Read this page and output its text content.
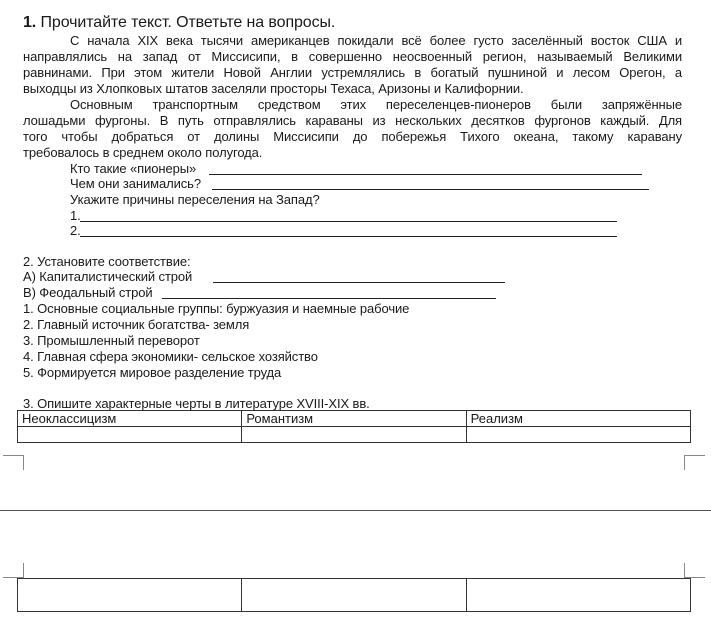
1. Прочитайте текст. Ответьте на вопросы.
С начала XIX века тысячи американцев покидали всё более густо заселённый восток США и
направлялись на запад от Миссисипи, в совершенно неосвоенный регион, называемый Великими
равнинами. При этом жители Новой Англии устремлялись в богатый пушниной и лесом Орегон, а
выходцы из Хлопковых штатов заселяли просторы Техаса, Аризоны и Калифорнии.
Основным транспортным средством этих переселенцев-пионеров были запряжённые
лошадьми фургоны. В путь отправлялись караваны из нескольких десятков фургонов каждый. Для
того чтобы добраться от долины Миссисипи до побережья Тихого океана, такому каравану
требовалось в среднем около полугода.
Кто такие «пионеры»
Чем они занимались?
Укажите причины переселения на Запад?
1.
2.
2. Установите соответствие:
А) Капиталистический строй
В) Феодальный строй
1. Основные социальные группы: буржуазия и наемные рабочие
2. Главный источник богатства- земля
3. Промышленный переворот
4. Главная сфера экономики- сельское хозяйство
5. Формируется мировое разделение труда
3. Опишите характерные черты в литературе XVIII-XIX вв.
Неоклассицизм	Романтизм	Реализм
